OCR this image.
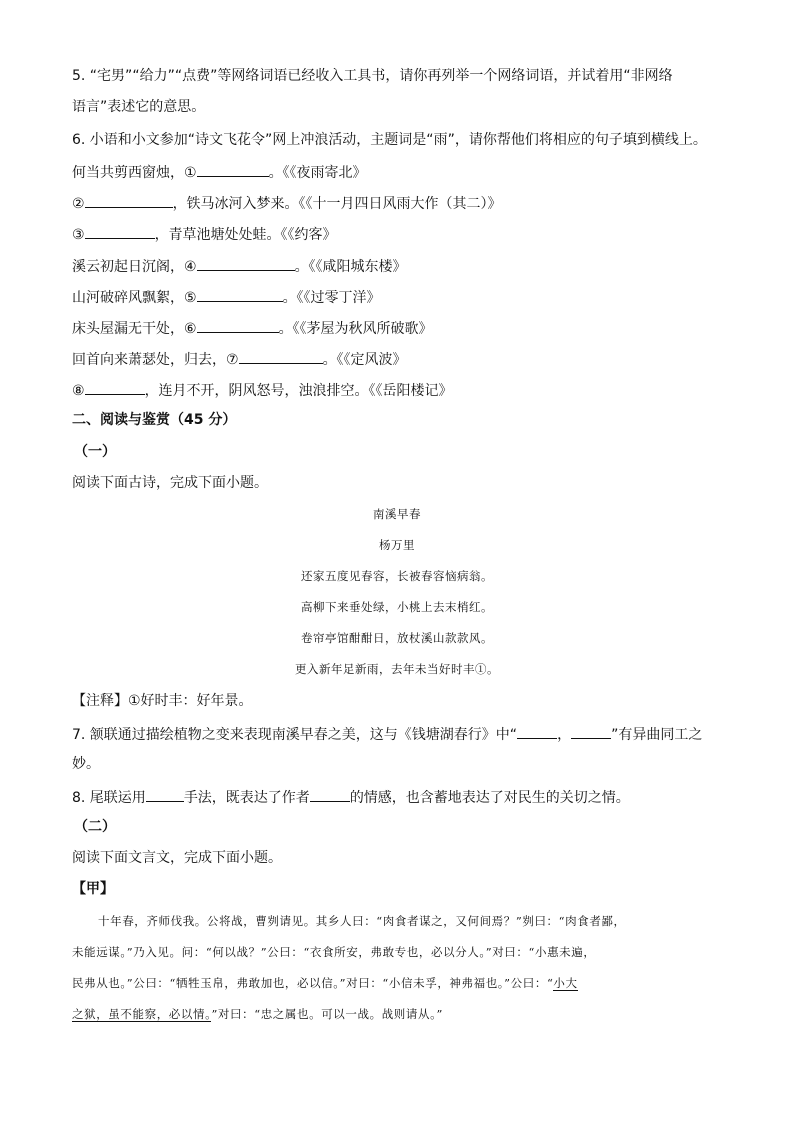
5. “宅男”“给力”“点费”等网络词语已经收入工具书，请你再列举一个网络词语，并试着用“非网络
语言”表述它的意思。
6. 小语和小文参加“诗文飞花令”网上冲浪活动，主题词是“雨”，请你帮他们将相应的句子填到横线上。
何当共剪西窗烛，①	。《《夜雨寄北》
②	，铁马冰河入梦来。《《十一月四日风雨大作（其二）》
③	，青草池塘处处蛙。《《约客》
溪云初起日沉阁，④	。《《咸阳城东楼》
山河破碎风飘絮，⑤	。《《过零丁洋》
床头屋漏无干处，⑥	。《《茅屋为秋风所破歌》
回首向来萧瑟处，归去，⑦	。《《定风波》
⑧	，连月不开，阴风怒号，浊浪排空。《《岳阳楼记》
二、阅读与鉴赏（45 分）
（一）
阅读下面古诗，完成下面小题。
南溪早春
杨万里
还家五度见春容，长被春容恼病翁。
高柳下来垂处绿，小桃上去末梢红。
卷帘亭馆酣酣日，放杖溪山款款风。
更入新年足新雨，去年未当好时丰①。
【注释】①好时丰：好年景。
7. 颔联通过描绘植物之变来表现南溪早春之美，这与《钱塘湖春行》中“	，	”有异曲同工之
妙。
8. 尾联运用	手法，既表达了作者	的情感，也含蓄地表达了对民生的关切之情。
（二）
阅读下面文言文，完成下面小题。
【甲】
十年春，齐师伐我。公将战，曹刿请见。其乡人曰：“肉食者谋之，又何间焉？”刿曰：“肉食者鄙，
未能远谋。”乃入见。问：“何以战？”公曰：“衣食所安，弗敢专也，必以分人。”对曰：“小惠未遍，
民弗从也。”公曰：“牺牲玉帛，弗敢加也，必以信。”对曰：“小信未孚，神弗福也。”公曰：“小大
之狱，虽不能察，必以情。”对曰：“忠之属也。可以一战。战则请从。”
